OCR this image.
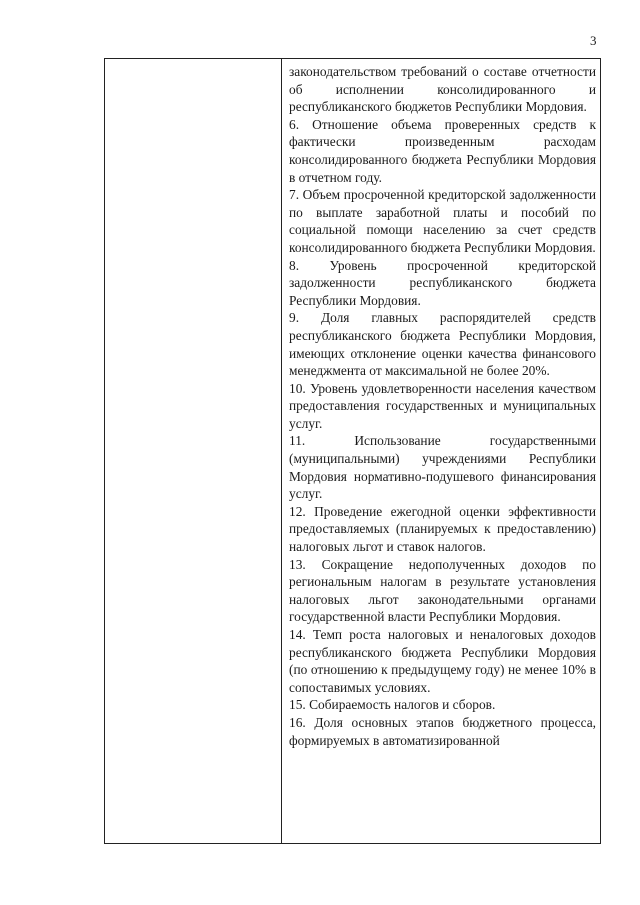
3
законодательством требований о составе отчетности об исполнении консолидированного и республиканского бюджетов Республики Мордовия.
6. Отношение объема проверенных средств к фактически произведенным расходам консолидированного бюджета Республики Мордовия в отчетном году.
7. Объем просроченной кредиторской задолженности по выплате заработной платы и пособий по социальной помощи населению за счет средств консолидированного бюджета Республики Мордовия.
8. Уровень просроченной кредиторской задолженности республиканского бюджета Республики Мордовия.
9. Доля главных распорядителей средств республиканского бюджета Республики Мордовия, имеющих отклонение оценки качества финансового менеджмента от максимальной не более 20%.
10. Уровень удовлетворенности населения качеством предоставления государственных и муниципальных услуг.
11. Использование государственными (муниципальными) учреждениями Республики Мордовия нормативно-подушевого финансирования услуг.
12. Проведение ежегодной оценки эффективности предоставляемых (планируемых к предоставлению) налоговых льгот и ставок налогов.
13. Сокращение недополученных доходов по региональным налогам в результате установления налоговых льгот законодательными органами государственной власти Республики Мордовия.
14. Темп роста налоговых и неналоговых доходов республиканского бюджета Республики Мордовия (по отношению к предыдущему году) не менее 10% в сопоставимых условиях.
15. Собираемость налогов и сборов.
16. Доля основных этапов бюджетного процесса, формируемых в автоматизированной
